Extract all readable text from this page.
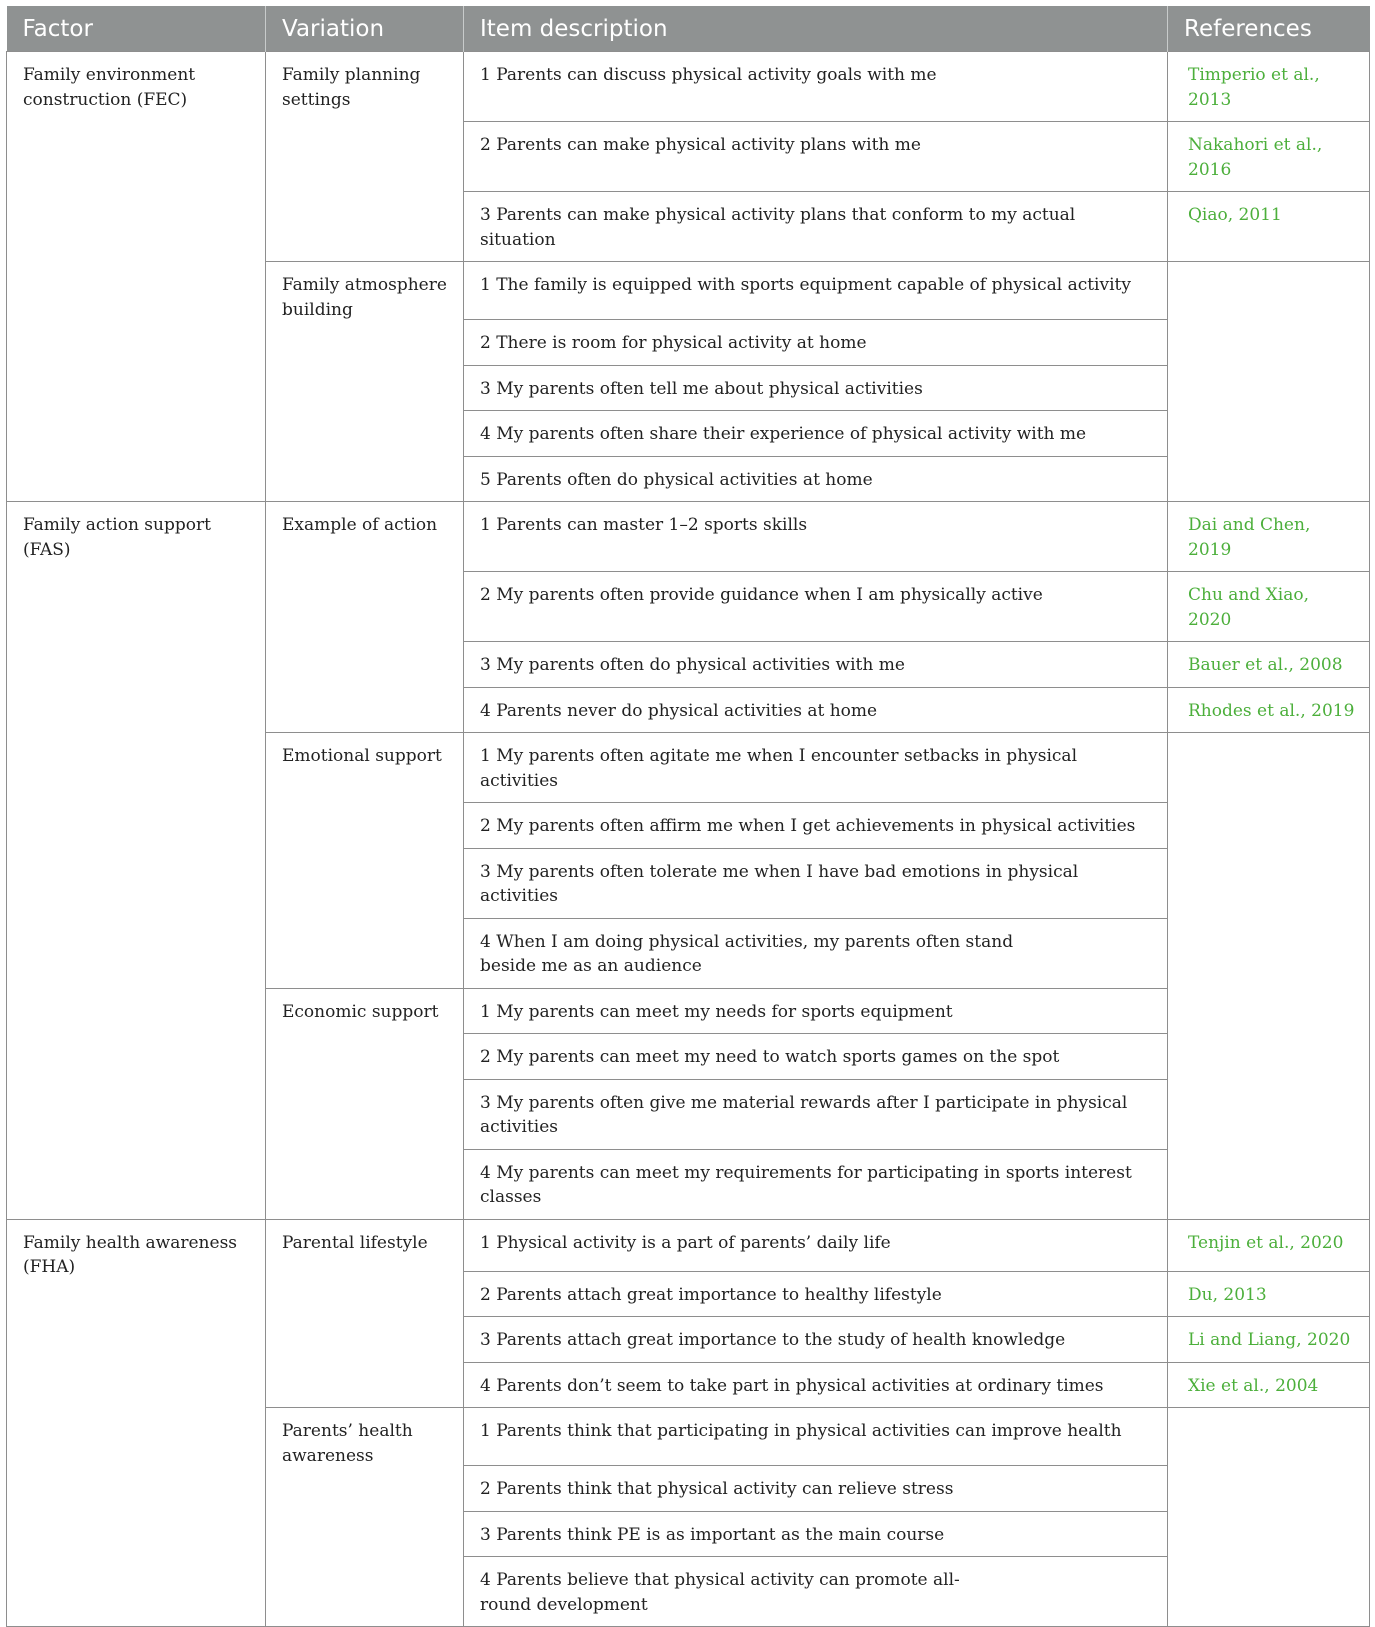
Factor	Variation	Item description	References
Family environment construction (FEC)	Family planning settings	1 Parents can discuss physical activity goals with me	Timperio et al., 2013
		2 Parents can make physical activity plans with me	Nakahori et al., 2016
		3 Parents can make physical activity plans that conform to my actual situation	Qiao, 2011
	Family atmosphere building	1 The family is equipped with sports equipment capable of physical activity	
		2 There is room for physical activity at home	
		3 My parents often tell me about physical activities	
		4 My parents often share their experience of physical activity with me	
		5 Parents often do physical activities at home	
Family action support (FAS)	Example of action	1 Parents can master 1–2 sports skills	Dai and Chen, 2019
		2 My parents often provide guidance when I am physically active	Chu and Xiao, 2020
		3 My parents often do physical activities with me	Bauer et al., 2008
		4 Parents never do physical activities at home	Rhodes et al., 2019
	Emotional support	1 My parents often agitate me when I encounter setbacks in physical activities	
		2 My parents often affirm me when I get achievements in physical activities	
		3 My parents often tolerate me when I have bad emotions in physical activities	
		4 When I am doing physical activities, my parents often stand beside me as an audience	
	Economic support	1 My parents can meet my needs for sports equipment	
		2 My parents can meet my need to watch sports games on the spot	
		3 My parents often give me material rewards after I participate in physical activities	
		4 My parents can meet my requirements for participating in sports interest classes	
Family health awareness (FHA)	Parental lifestyle	1 Physical activity is a part of parents’ daily life	Tenjin et al., 2020
		2 Parents attach great importance to healthy lifestyle	Du, 2013
		3 Parents attach great importance to the study of health knowledge	Li and Liang, 2020
		4 Parents don’t seem to take part in physical activities at ordinary times	Xie et al., 2004
	Parents’ health awareness	1 Parents think that participating in physical activities can improve health	
		2 Parents think that physical activity can relieve stress	
		3 Parents think PE is as important as the main course	
		4 Parents believe that physical activity can promote all-round development	
